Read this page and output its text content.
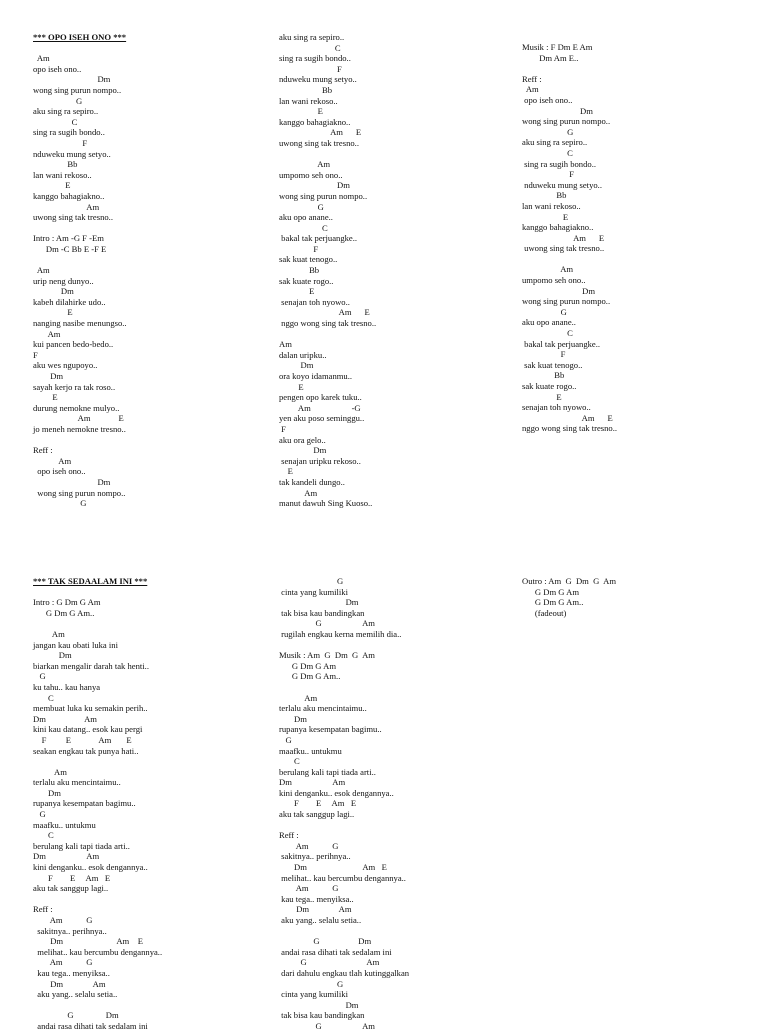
*** OPO ISEH ONO ***
Am
opo iseh ono..
Dm
wong sing purun nompo..
G
aku sing ra sepiro..
C
sing ra sugih bondo..
F
nduweku mung setyo..
Bb
lan wani rekoso..
E
kanggo bahagiakno..
Am
uwong sing tak tresno..
Intro : Am -G F -Em
Dm -C Bb E -F E
Am
urip neng dunyo..
Dm
kabeh dilahirke udo..
E
nanging nasibe menungso..
Am
kui pancen bedo-bedo..
F
aku wes ngupoyo..
Dm
sayah kerjo ra tak roso..
E
durung nemokne mulyo..
Am             E
jo meneh nemokne tresno..
Reff :
Am
opo iseh ono..
Dm
wong sing purun nompo..
G
aku sing ra sepiro..
C
sing ra sugih bondo..
F
nduweku mung setyo..
Bb
lan wani rekoso..
E
kanggo bahagiakno..
Am      E
uwong sing tak tresno..
Am
umpomo seh ono..
Dm
wong sing purun nompo..
G
aku opo anane..
C
bakal tak perjuangke..
F
sak kuat tenogo..
Bb
sak kuate rogo..
E
senajan toh nyowo..
Am      E
nggo wong sing tak tresno..
Am
dalan uripku..
Dm
ora koyo idamanmu..
E
pengen opo karek tuku..
Am                   -G
yen aku poso seminggu..
F
aku ora gelo..
Dm
senajan uripku rekoso..
E
tak kandeli dungo..
Am
manut dawuh Sing Kuoso..
Musik : F Dm E Am
Dm Am E..
Reff :
Am
opo iseh ono..
Dm
wong sing purun nompo..
G
aku sing ra sepiro..
C
sing ra sugih bondo..
F
nduweku mung setyo..
Bb
lan wani rekoso..
E
kanggo bahagiakno..
Am      E
uwong sing tak tresno..
Am
umpomo seh ono..
Dm
wong sing purun nompo..
G
aku opo anane..
C
bakal tak perjuangke..
F
sak kuat tenogo..
Bb
sak kuate rogo..
E
senajan toh nyowo..
Am      E
nggo wong sing tak tresno..
*** TAK SEDAALAM INI ***
Intro : G Dm G Am
G Dm G Am..
Am
jangan kau obati luka ini
Dm
biarkan mengalir darah tak henti..
G
ku tahu.. kau hanya
C
membuat luka ku semakin perih..
Dm                  Am
kini kau datang.. esok kau pergi
F         E             Am       E
seakan engkau tak punya hati..
Am
terlalu aku mencintaimu..
Dm
rupanya kesempatan bagimu..
G
maafku.. untukmu
C
berulang kali tapi tiada arti..
Dm                   Am
kini denganku.. esok dengannya..
F        E     Am   E
aku tak sanggup lagi..
Reff :
Am           G
sakitnya.. perihnya..
Dm                         Am    E
melihat.. kau bercumbu dengannya..
Am           G
kau tega.. menyiksa..
Dm              Am
aku yang.. selalu setia..
G               Dm
andai rasa dihati tak sedalam ini
G
cinta yang kumiliki
Dm
tak bisa kau bandingkan
G                   Am
rugilah engkau kerna memilih dia..
Musik : Am  G  Dm  G  Am
G Dm G Am
G Dm G Am..
Am
terlalu aku mencintaimu..
Dm
rupanya kesempatan bagimu..
G
maafku.. untukmu
C
berulang kali tapi tiada arti..
Dm                   Am
kini denganku.. esok dengannya..
F        E     Am   E
aku tak sanggup lagi..
Reff :
Am           G
sakitnya.. perihnya..
Dm                          Am   E
melihat.. kau bercumbu dengannya..
Am           G
kau tega.. menyiksa..
Dm              Am
aku yang.. selalu setia..
G                  Dm
andai rasa dihati tak sedalam ini
G                            Am
dari dahulu engkau tlah kutinggalkan
G
cinta yang kumiliki
Dm
tak bisa kau bandingkan
G                   Am
Outro : Am  G  Dm  G  Am
G Dm G Am
G Dm G Am..
(fadeout)
